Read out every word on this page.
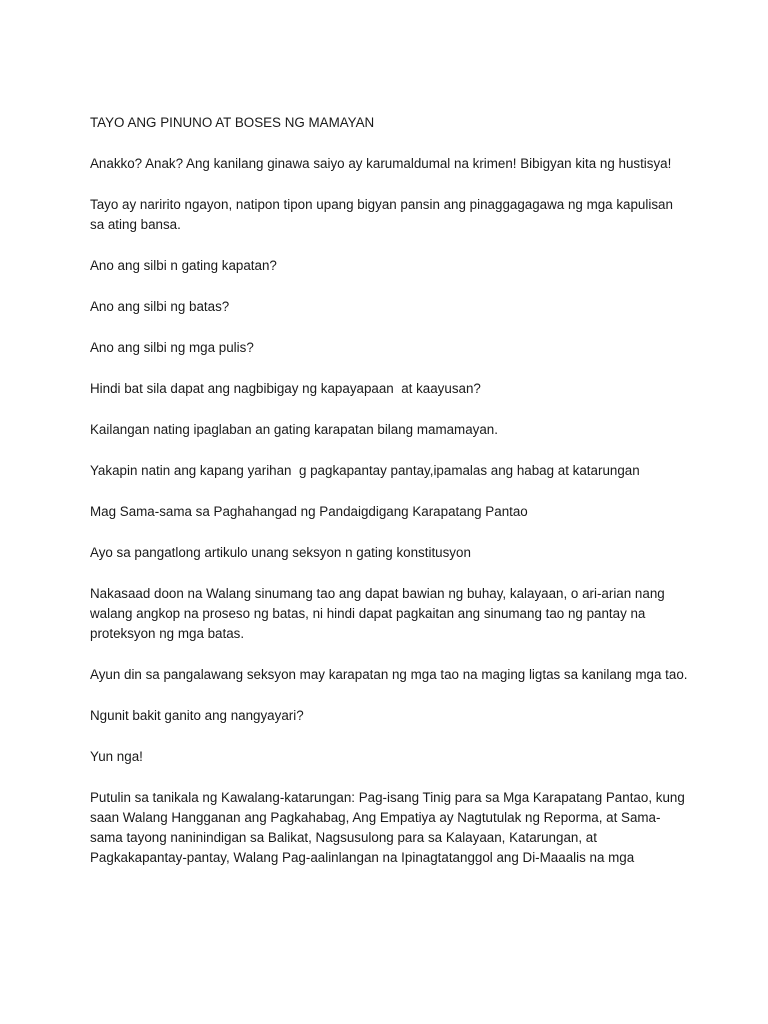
TAYO ANG PINUNO AT BOSES NG MAMAYAN

Anakko? Anak? Ang kanilang ginawa saiyo ay karumaldumal na krimen! Bibigyan kita ng hustisya!

Tayo ay naririto ngayon, natipon tipon upang bigyan pansin ang pinaggagagawa ng mga kapulisan sa ating bansa.

Ano ang silbi n gating kapatan?

Ano ang silbi ng batas?

Ano ang silbi ng mga pulis?

Hindi bat sila dapat ang nagbibigay ng kapayapaan  at kaayusan?

Kailangan nating ipaglaban an gating karapatan bilang mamamayan.

Yakapin natin ang kapang yarihan  g pagkapantay pantay,ipamalas ang habag at katarungan

Mag Sama-sama sa Paghahangad ng Pandaigdigang Karapatang Pantao

Ayo sa pangatlong artikulo unang seksyon n gating konstitusyon

Nakasaad doon na Walang sinumang tao ang dapat bawian ng buhay, kalayaan, o ari-arian nang walang angkop na proseso ng batas, ni hindi dapat pagkaitan ang sinumang tao ng pantay na proteksyon ng mga batas.

Ayun din sa pangalawang seksyon may karapatan ng mga tao na maging ligtas sa kanilang mga tao.

Ngunit bakit ganito ang nangyayari?

Yun nga!

Putulin sa tanikala ng Kawalang-katarungan: Pag-isang Tinig para sa Mga Karapatang Pantao, kung saan Walang Hangganan ang Pagkahabag, Ang Empatiya ay Nagtutulak ng Reporma, at Sama-sama tayong naninindigan sa Balikat, Nagsusulong para sa Kalayaan, Katarungan, at Pagkakapantay-pantay, Walang Pag-aalinlangan na Ipinagtatanggol ang Di-Maaalis na mga
